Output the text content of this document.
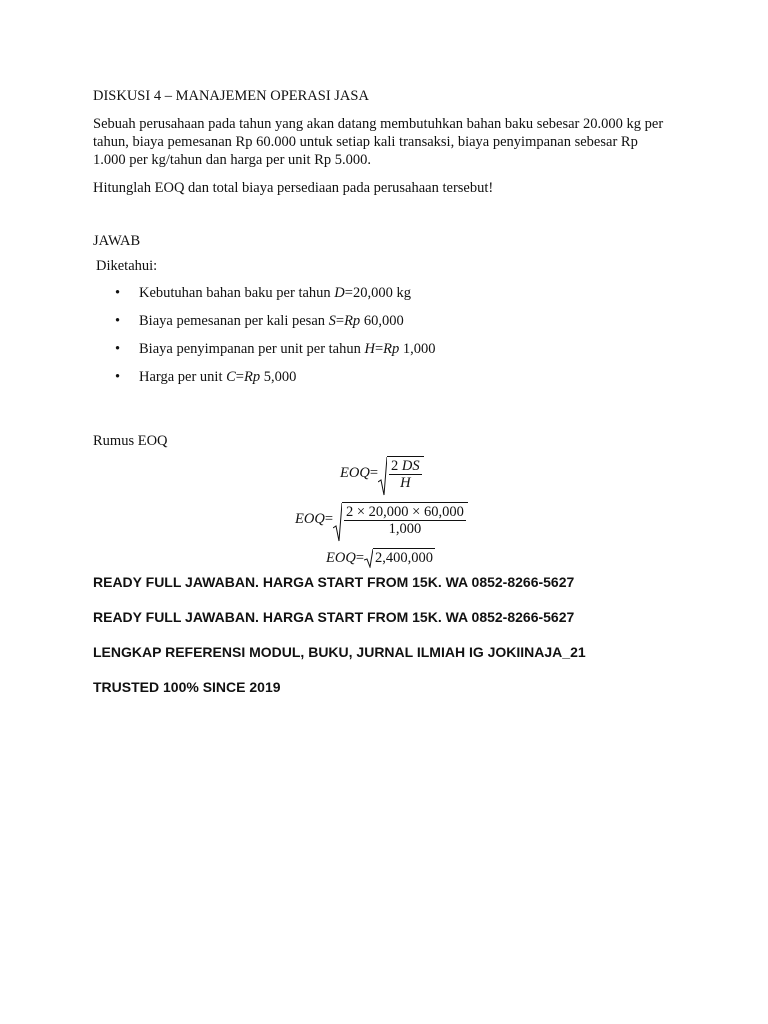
DISKUSI 4 – MANAJEMEN OPERASI JASA

Sebuah perusahaan pada tahun yang akan datang membutuhkan bahan baku sebesar 20.000 kg per tahun, biaya pemesanan Rp 60.000 untuk setiap kali transaksi, biaya penyimpanan sebesar Rp 1.000 per kg/tahun dan harga per unit Rp 5.000.

Hitunglah EOQ dan total biaya persediaan pada perusahaan tersebut!

JAWAB

Diketahui:

• Kebutuhan bahan baku per tahun D=20,000 kg
• Biaya pemesanan per kali pesan S=Rp 60,000
• Biaya penyimpanan per unit per tahun H=Rp 1,000
• Harga per unit C=Rp 5,000

Rumus EOQ

$EOQ= \frac{2 DS}{H}$
$EOQ= \frac{2 \times 20,000 \times 60,000}{1,000}$
EOQ= 2,400,000

READY FULL JAWABAN. HARGA START FROM 15K. WA 0852-8266-5627

READY FULL JAWABAN. HARGA START FROM 15K. WA 0852-8266-5627

LENGKAP REFERENSI MODUL, BUKU, JURNAL ILMIAH IG JOKIINAJA_21

TRUSTED 100% SINCE 2019
